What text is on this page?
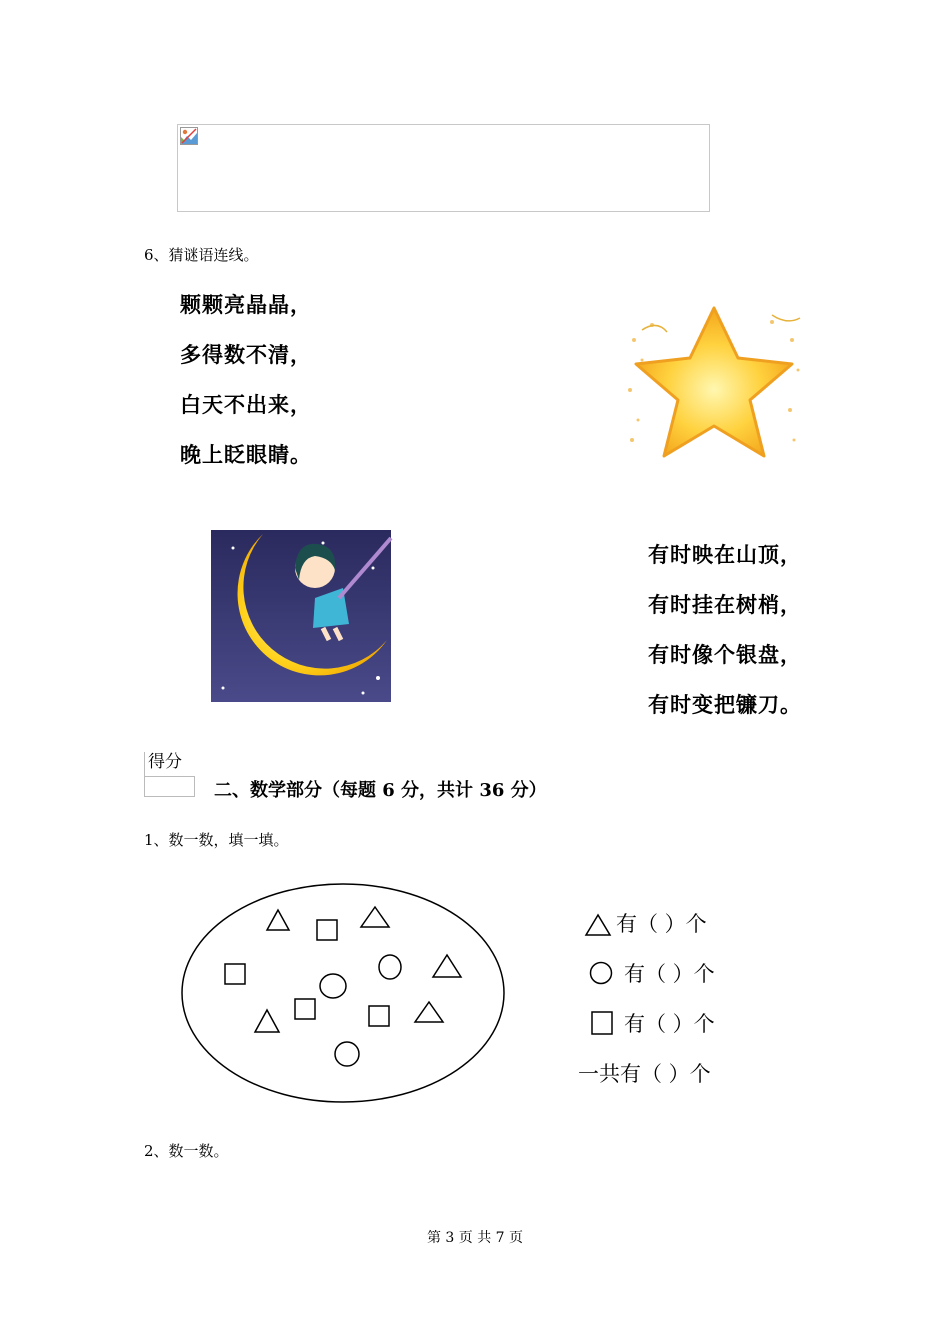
6、猜谜语连线。
颗颗亮晶晶，
多得数不清，
白天不出来，
晚上眨眼睛。
有时映在山顶，
有时挂在树梢，
有时像个银盘，
有时变把镰刀。
得分
二、数学部分（每题 6 分，共计 36 分）
1、数一数，填一填。
有（ ）个
有（ ）个
有（ ）个
一共有（ ）个
2、数一数。
第 3 页 共 7 页
